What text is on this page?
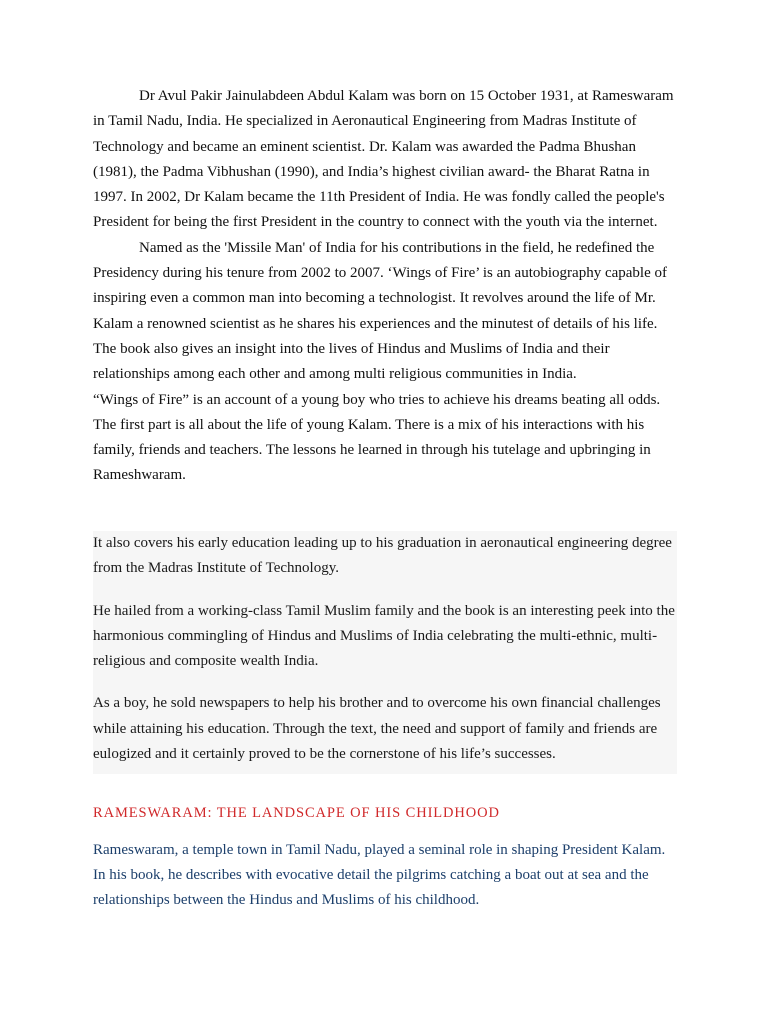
Dr Avul Pakir Jainulabdeen Abdul Kalam was born on 15 October 1931, at Rameswaram in Tamil Nadu, India. He specialized in Aeronautical Engineering from Madras Institute of Technology and became an eminent scientist. Dr. Kalam was awarded the Padma Bhushan (1981), the Padma Vibhushan (1990), and India’s highest civilian award- the Bharat Ratna in 1997. In 2002, Dr Kalam became the 11th President of India. He was fondly called the people's President for being the first President in the country to connect with the youth via the internet.

Named as the 'Missile Man' of India for his contributions in the field, he redefined the Presidency during his tenure from 2002 to 2007. ‘Wings of Fire’ is an autobiography capable of inspiring even a common man into becoming a technologist. It revolves around the life of Mr. Kalam a renowned scientist as he shares his experiences and the minutest of details of his life. The book also gives an insight into the lives of Hindus and Muslims of India and their relationships among each other and among multi religious communities in India.

“Wings of Fire” is an account of a young boy who tries to achieve his dreams beating all odds. The first part is all about the life of young Kalam. There is a mix of his interactions with his family, friends and teachers. The lessons he learned in through his tutelage and upbringing in Rameshwaram.

It also covers his early education leading up to his graduation in aeronautical engineering degree from the Madras Institute of Technology.

He hailed from a working-class Tamil Muslim family and the book is an interesting peek into the harmonious commingling of Hindus and Muslims of India celebrating the multi-ethnic, multi-religious and composite wealth India.

As a boy, he sold newspapers to help his brother and to overcome his own financial challenges while attaining his education. Through the text, the need and support of family and friends are eulogized and it certainly proved to be the cornerstone of his life’s successes.

RAMESWARAM: THE LANDSCAPE OF HIS CHILDHOOD

Rameswaram, a temple town in Tamil Nadu, played a seminal role in shaping President Kalam. In his book, he describes with evocative detail the pilgrims catching a boat out at sea and the relationships between the Hindus and Muslims of his childhood.
